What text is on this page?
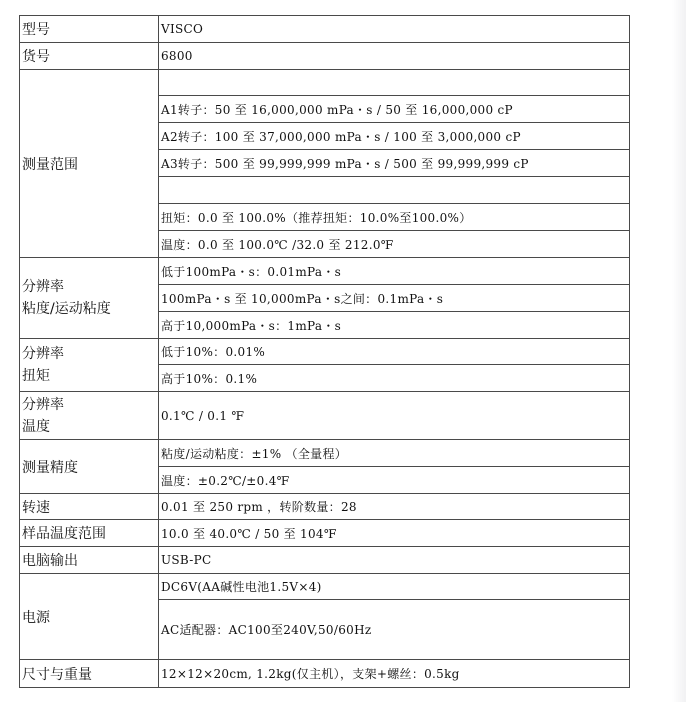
型号	VISCO
货号	6800
测量范围	
	A1转子：50 至 16,000,000 mPa・s / 50 至 16,000,000 cP
	A2转子：100 至 37,000,000 mPa・s / 100 至 3,000,000 cP
	A3转子：500 至 99,999,999 mPa・s / 500 至 99,999,999 cP

	扭矩：0.0 至 100.0%（推荐扭矩：10.0%至100.0%）
	温度：0.0 至 100.0℃ /32.0 至 212.0℉

分辨率
粘度/运动粘度	低于100mPa・s：0.01mPa・s
	100mPa・s 至 10,000mPa・s之间：0.1mPa・s
	高于10,000mPa・s：1mPa・s

分辨率
扭矩	低于10%：0.01%
	高于10%：0.1%

分辨率
温度	0.1℃ / 0.1 ℉
测量精度	粘度/运动粘度：±1% （全量程）
	温度：±0.2℃/±0.4℉
转速	0.01 至 250 rpm ，转阶数量：28
样品温度范围	10.0 至 40.0℃ / 50 至 104℉
电脑输出	USB-PC
电源	DC6V(AA碱性电池1.5V×4)
	AC适配器：AC100至240V,50/60Hz
尺寸与重量	12×12×20cm, 1.2kg(仅主机），支架+螺丝：0.5kg
